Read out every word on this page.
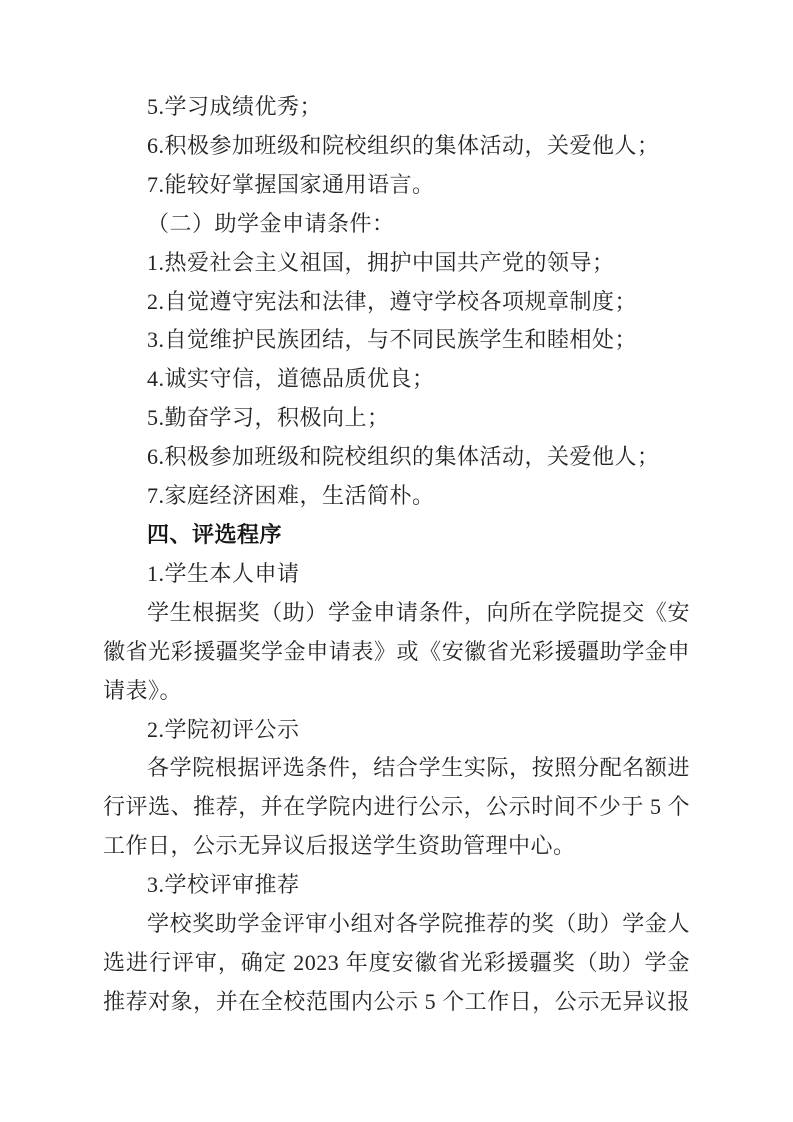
5.学习成绩优秀；
6.积极参加班级和院校组织的集体活动，关爱他人；
7.能较好掌握国家通用语言。
（二）助学金申请条件：
1.热爱社会主义祖国，拥护中国共产党的领导；
2.自觉遵守宪法和法律，遵守学校各项规章制度；
3.自觉维护民族团结，与不同民族学生和睦相处；
4.诚实守信，道德品质优良；
5.勤奋学习，积极向上；
6.积极参加班级和院校组织的集体活动，关爱他人；
7.家庭经济困难，生活简朴。
四、评选程序
1.学生本人申请
学生根据奖（助）学金申请条件，向所在学院提交《安
徽省光彩援疆奖学金申请表》或《安徽省光彩援疆助学金申
请表》。
2.学院初评公示
各学院根据评选条件，结合学生实际，按照分配名额进
行评选、推荐，并在学院内进行公示，公示时间不少于 5 个
工作日，公示无异议后报送学生资助管理中心。
3.学校评审推荐
学校奖助学金评审小组对各学院推荐的奖（助）学金人
选进行评审，确定 2023 年度安徽省光彩援疆奖（助）学金
推荐对象，并在全校范围内公示 5 个工作日，公示无异议报
